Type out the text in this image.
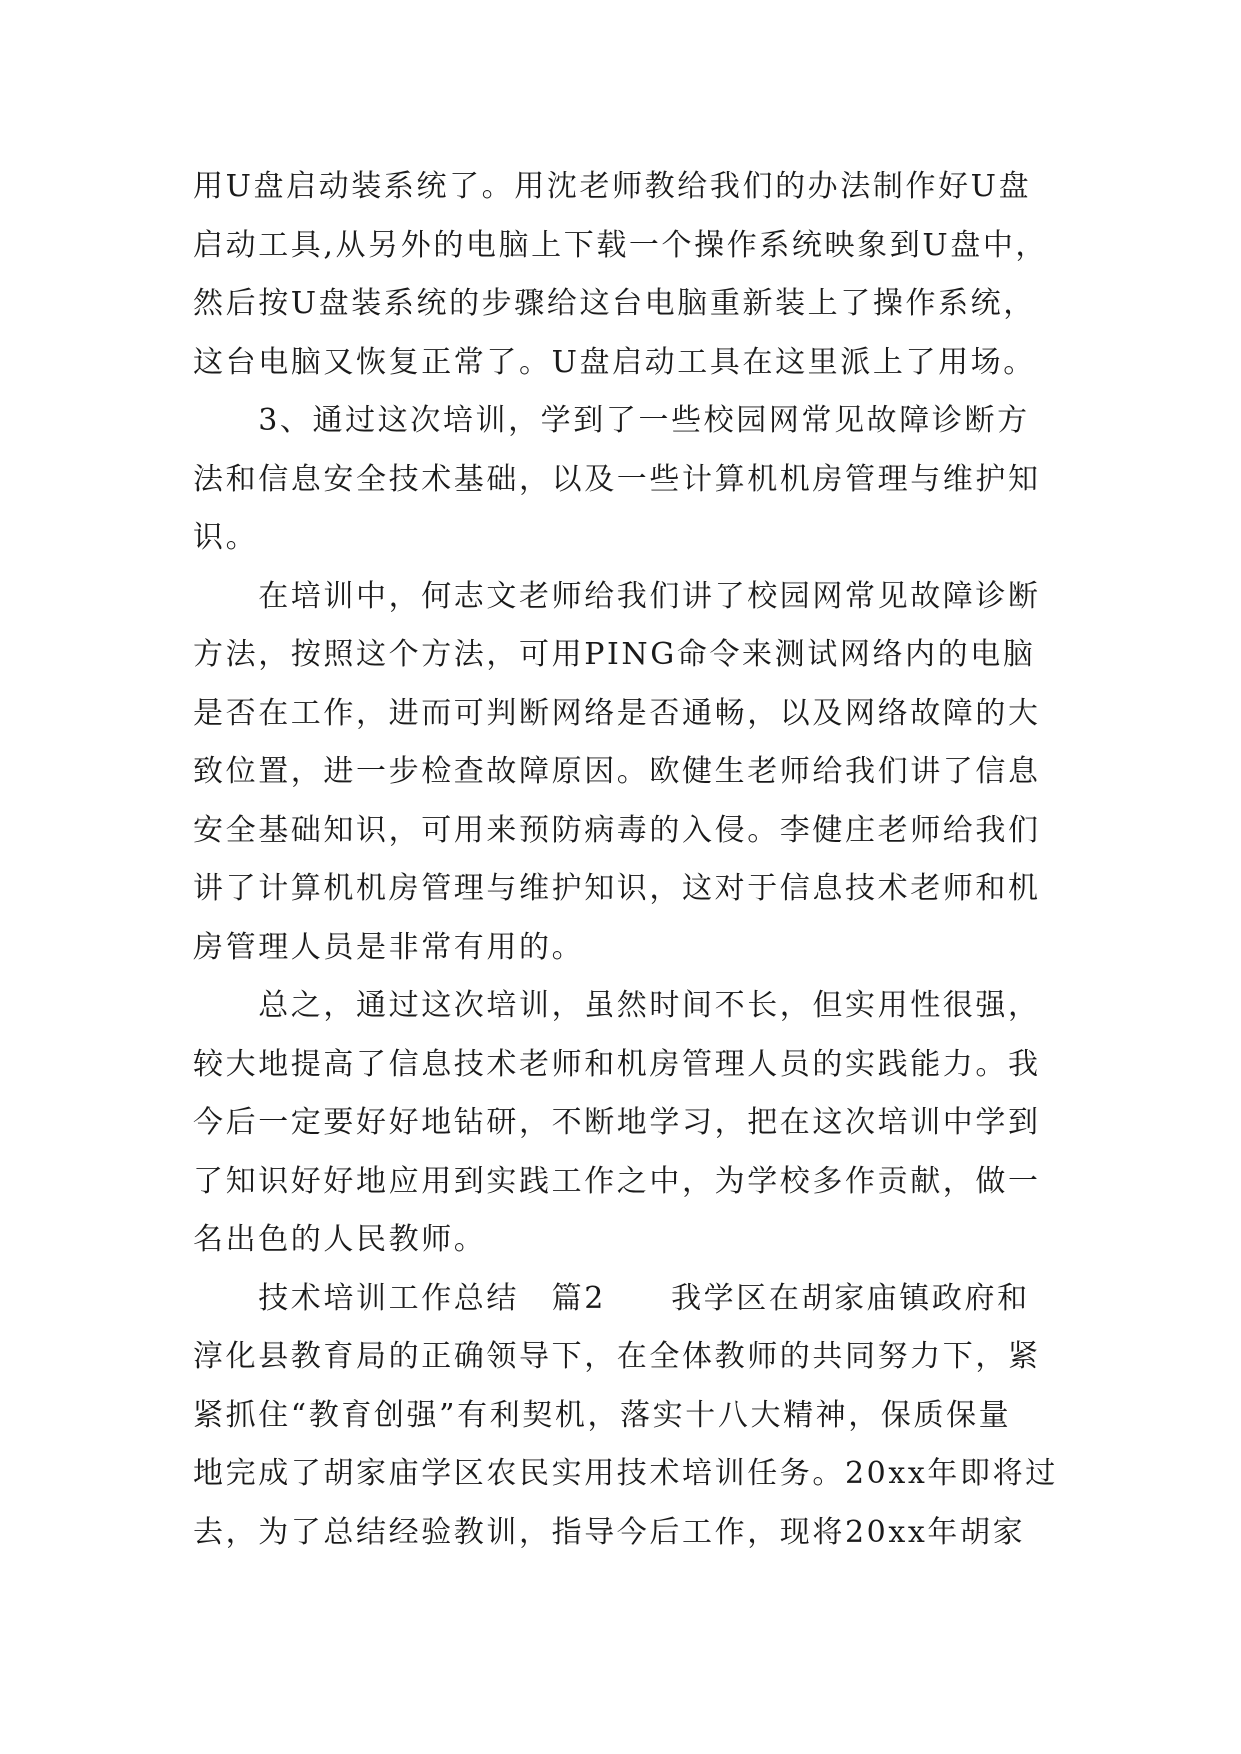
用U盘启动装系统了。用沈老师教给我们的办法制作好U盘
启动工具,从另外的电脑上下载一个操作系统映象到U盘中，
然后按U盘装系统的步骤给这台电脑重新装上了操作系统，
这台电脑又恢复正常了。U盘启动工具在这里派上了用场。
　　3、通过这次培训，学到了一些校园网常见故障诊断方
法和信息安全技术基础，以及一些计算机机房管理与维护知
识。
　　在培训中，何志文老师给我们讲了校园网常见故障诊断
方法，按照这个方法，可用PING命令来测试网络内的电脑
是否在工作，进而可判断网络是否通畅，以及网络故障的大
致位置，进一步检查故障原因。欧健生老师给我们讲了信息
安全基础知识，可用来预防病毒的入侵。李健庄老师给我们
讲了计算机机房管理与维护知识，这对于信息技术老师和机
房管理人员是非常有用的。
　　总之，通过这次培训，虽然时间不长，但实用性很强，
较大地提高了信息技术老师和机房管理人员的实践能力。我
今后一定要好好地钻研，不断地学习，把在这次培训中学到
了知识好好地应用到实践工作之中，为学校多作贡献，做一
名出色的人民教师。
　　技术培训工作总结　篇2　　我学区在胡家庙镇政府和
淳化县教育局的正确领导下，在全体教师的共同努力下，紧
紧抓住“教育创强”有利契机，落实十八大精神，保质保量
地完成了胡家庙学区农民实用技术培训任务。20xx年即将过
去，为了总结经验教训，指导今后工作，现将20xx年胡家
